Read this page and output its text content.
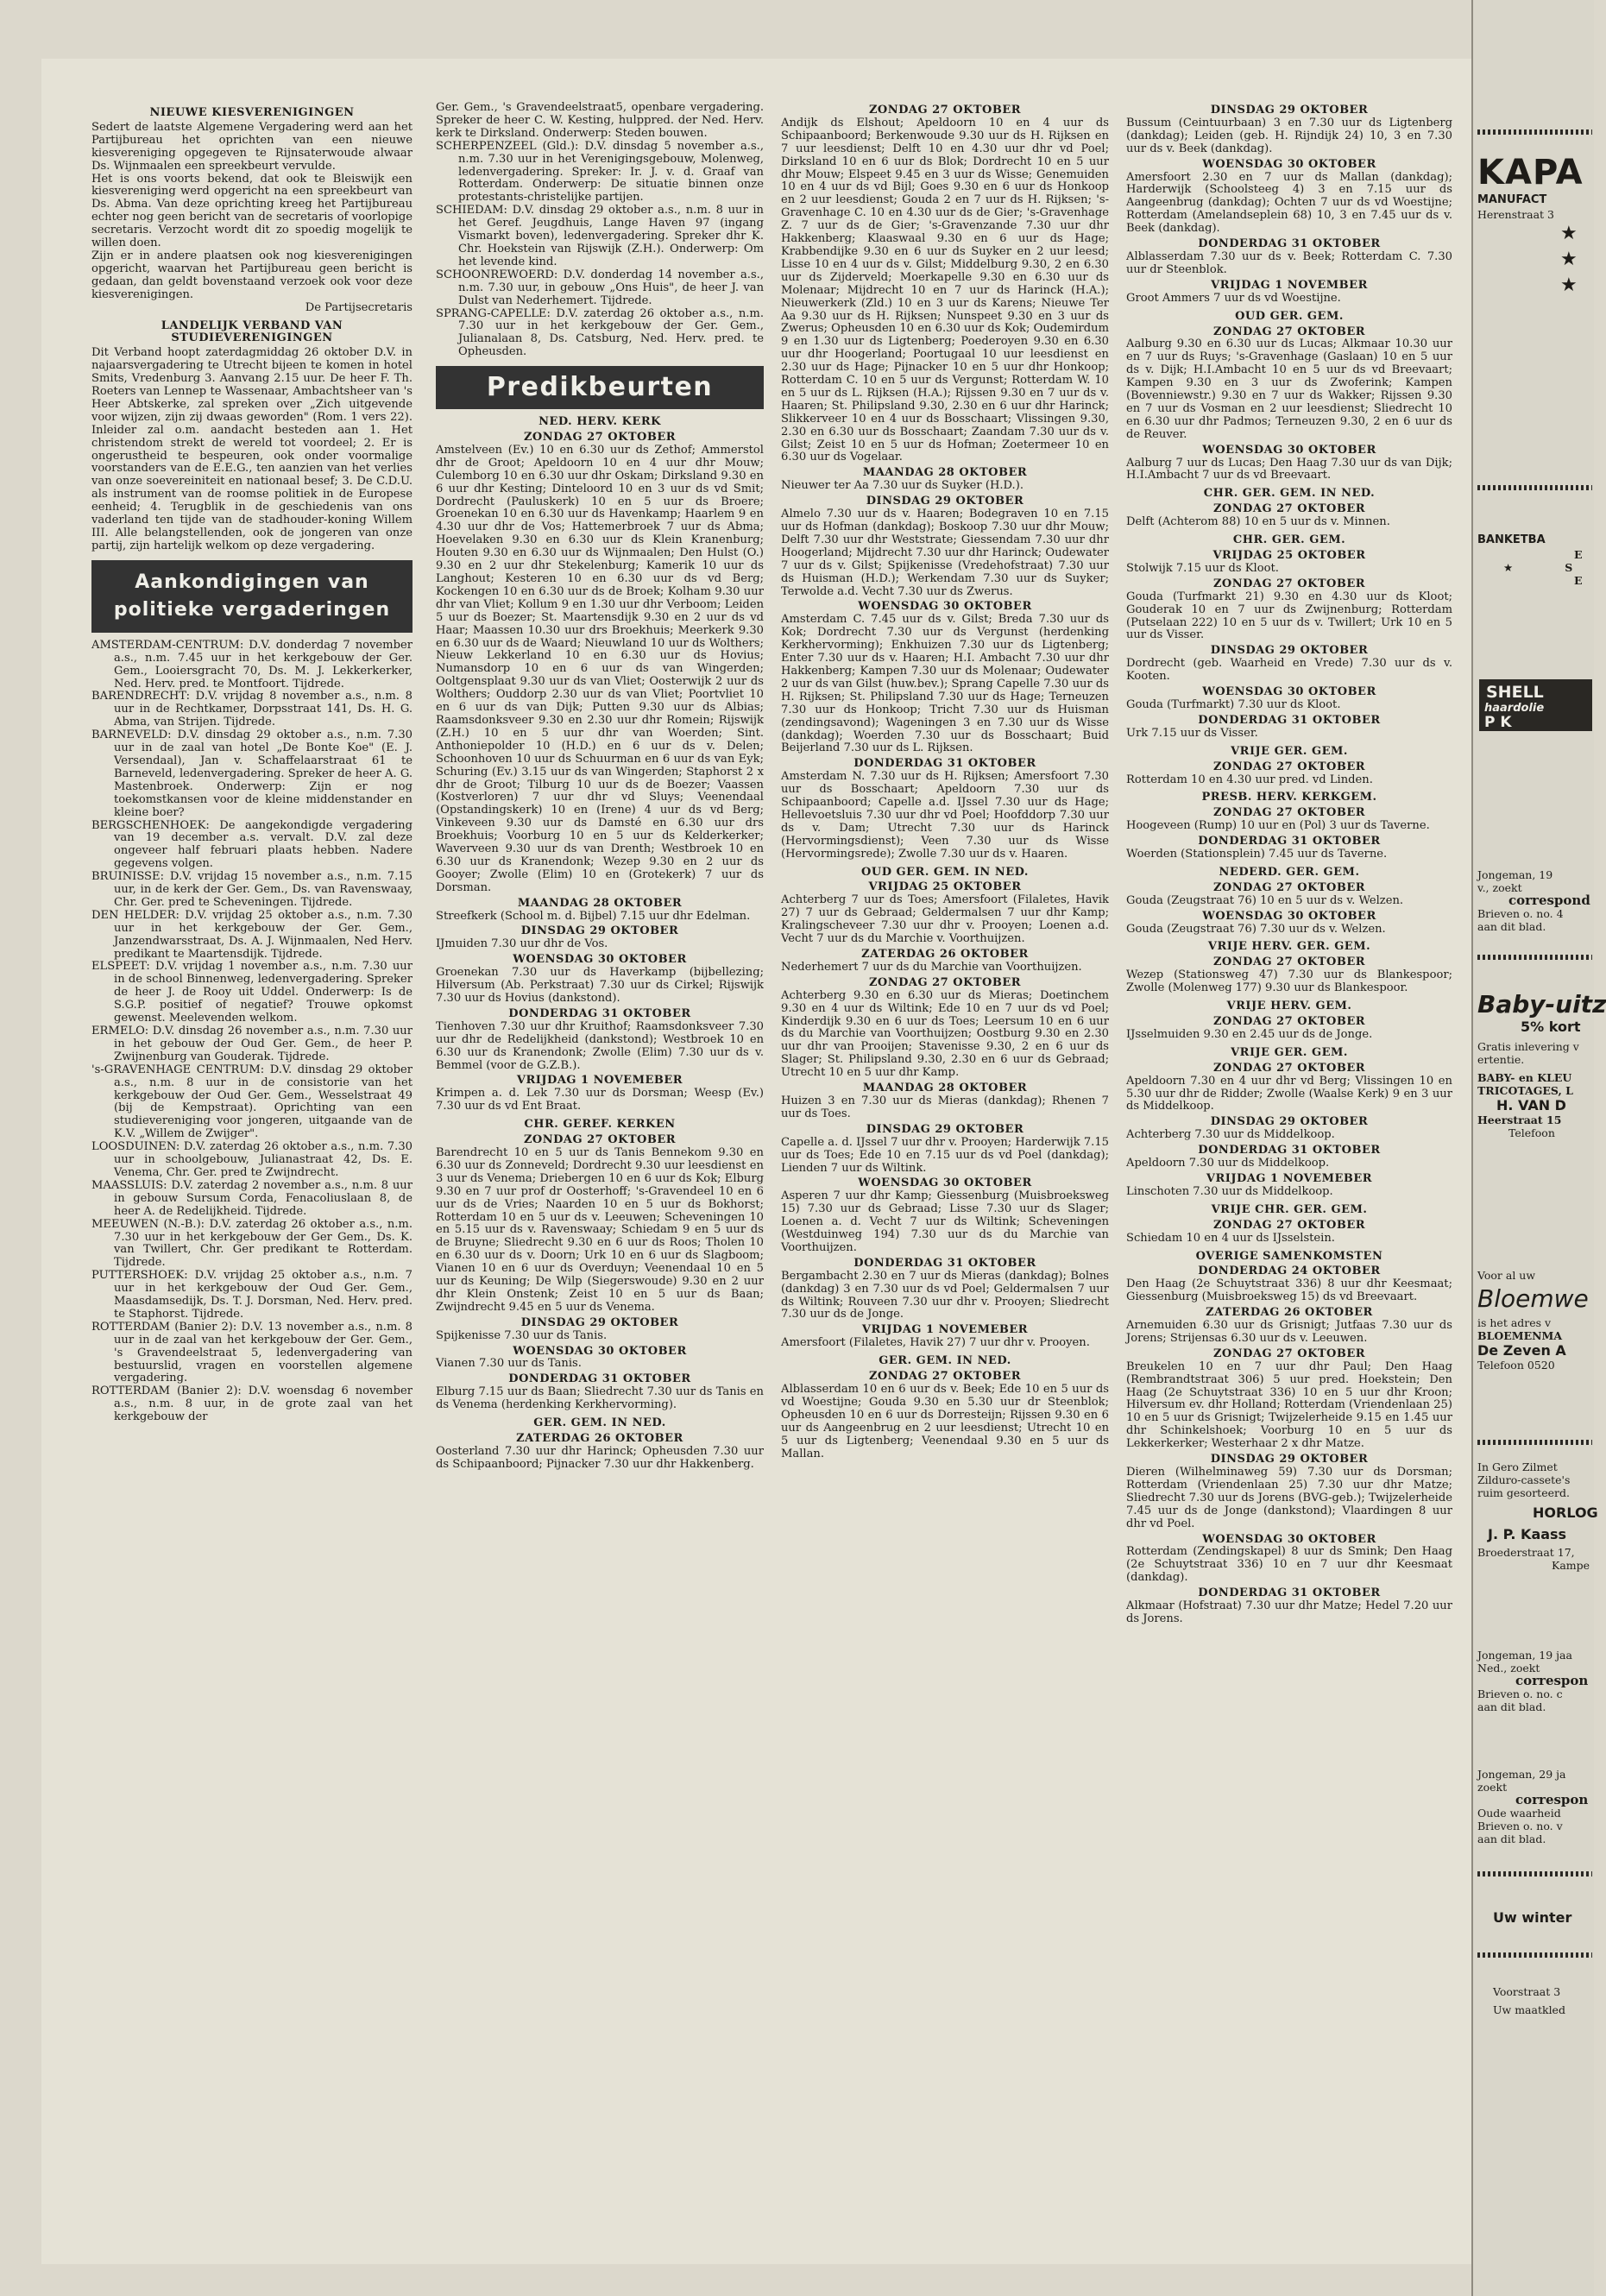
NIEUWE KIESVERENIGINGEN

Sedert de laatste Algemene Vergadering werd aan het Partijbureau het oprichten van een nieuwe kiesvereniging opgegeven te Rijnsaterwoude alwaar Ds. Wijnmaalen een spreekbeurt vervulde.

Het is ons voorts bekend, dat ook te Bleiswijk een kiesvereniging werd opgericht na een spreekbeurt van Ds. Abma. Van deze oprichting kreeg het Partijbureau echter nog geen bericht van de secretaris of voorlopige secretaris. Verzocht wordt dit zo spoedig mogelijk te willen doen.

Zijn er in andere plaatsen ook nog kiesverenigingen opgericht, waarvan het Partijbureau geen bericht is gedaan, dan geldt bovenstaand verzoek ook voor deze kiesverenigingen.

De Partijsecretaris

LANDELIJK VERBAND VAN STUDIEVERENIGINGEN

Dit Verband hoopt zaterdagmiddag 26 oktober D.V. in najaarsvergadering te Utrecht bijeen te komen in hotel Smits, Vredenburg 3. Aanvang 2.15 uur. De heer F. Th. Roeters van Lennep te Wassenaar, Ambachtsheer van 's Heer Abtskerke, zal spreken over „Zich uitgevende voor wijzen, zijn zij dwaas geworden" (Rom. 1 vers 22). Inleider zal o.m. aandacht besteden aan 1. Het christendom strekt de wereld tot voordeel; 2. Er is ongerustheid te bespeuren, ook onder voormalige voorstanders van de E.E.G., ten aanzien van het verlies van onze soevereiniteit en nationaal besef; 3. De C.D.U. als instrument van de roomse politiek in de Europese eenheid; 4. Terugblik in de geschiedenis van ons vaderland ten tijde van de stadhouder-koning Willem III. Alle belangstellenden, ook de jongeren van onze partij, zijn hartelijk welkom op deze vergadering.

Aankondigingen van politieke vergaderingen

AMSTERDAM-CENTRUM: D.V. donderdag 7 november a.s., n.m. 7.45 uur in het kerkgebouw der Ger. Gem., Looiersgracht 70, Ds. M. J. Lekkerkerker, Ned. Herv. pred. te Montfoort. Tijdrede.

BARENDRECHT: D.V. vrijdag 8 november a.s., n.m. 8 uur in de Rechtkamer, Dorpsstraat 141, Ds. H. G. Abma, van Strijen. Tijdrede.

BARNEVELD: D.V. dinsdag 29 oktober a.s., n.m. 7.30 uur in de zaal van hotel „De Bonte Koe" (E. J. Versendaal), Jan v. Schaffelaarstraat 61 te Barneveld, ledenvergadering. Spreker de heer A. G. Mastenbroek. Onderwerp: Zijn er nog toekomstkansen voor de kleine middenstander en kleine boer?

BERGSCHENHOEK: De aangekondigde vergadering van 19 december a.s. vervalt. D.V. zal deze ongeveer half februari plaats hebben. Nadere gegevens volgen.

BRUINISSE: D.V. vrijdag 15 november a.s., n.m. 7.15 uur, in de kerk der Ger. Gem., Ds. van Ravenswaay, Chr. Ger. pred te Scheveningen. Tijdrede.

DEN HELDER: D.V. vrijdag 25 oktober a.s., n.m. 7.30 uur in het kerkgebouw der Ger. Gem., Janzendwarsstraat, Ds. A. J. Wijnmaalen, Ned Herv. predikant te Maartensdijk. Tijdrede.

ELSPEET: D.V. vrijdag 1 november a.s., n.m. 7.30 uur in de school Binnenweg, ledenvergadering. Spreker de heer J. de Rooy uit Uddel. Onderwerp: Is de S.G.P. positief of negatief? Trouwe opkomst gewenst. Meelevenden welkom.

ERMELO: D.V. dinsdag 26 november a.s., n.m. 7.30 uur in het gebouw der Oud Ger. Gem., de heer P. Zwijnenburg van Gouderak. Tijdrede.

's-GRAVENHAGE CENTRUM: D.V. dinsdag 29 oktober a.s., n.m. 8 uur in de consistorie van het kerkgebouw der Oud Ger. Gem., Wesselstraat 49 (bij de Kempstraat). Oprichting van een studievereniging voor jongeren, uitgaande van de K.V. „Willem de Zwijger".

LOOSDUINEN: D.V. zaterdag 26 oktober a.s., n.m. 7.30 uur in schoolgebouw, Julianastraat 42, Ds. E. Venema, Chr. Ger. pred te Zwijndrecht.

MAASSLUIS: D.V. zaterdag 2 november a.s., n.m. 8 uur in gebouw Sursum Corda, Fenacoliuslaan 8, de heer A. de Redelijkheid. Tijdrede.

MEEUWEN (N.-B.): D.V. zaterdag 26 oktober a.s., n.m. 7.30 uur in het kerkgebouw der Ger Gem., Ds. K. van Twillert, Chr. Ger predikant te Rotterdam. Tijdrede.

PUTTERSHOEK: D.V. vrijdag 25 oktober a.s., n.m. 7 uur in het kerkgebouw der Oud Ger. Gem., Maasdamsedijk, Ds. T. J. Dorsman, Ned. Herv. pred. te Staphorst. Tijdrede.

ROTTERDAM (Banier 2): D.V. 13 november a.s., n.m. 8 uur in de zaal van het kerkgebouw der Ger. Gem., 's Gravendeelstraat 5, ledenvergadering van bestuurslid, vragen en voorstellen algemene vergadering.

ROTTERDAM (Banier 2): D.V. woensdag 6 november a.s., n.m. 8 uur, in de grote zaal van het kerkgebouw der

Ger. Gem., 's Gravendeelstraat5, openbare vergadering. Spreker de heer C. W. Kesting, hulppred. der Ned. Herv. kerk te Dirksland. Onderwerp: Steden bouwen.

SCHERPENZEEL (Gld.): D.V. dinsdag 5 november a.s., n.m. 7.30 uur in het Verenigingsgebouw, Molenweg, ledenvergadering. Spreker: Ir. J. v. d. Graaf van Rotterdam. Onderwerp: De situatie binnen onze protestants-christelijke partijen.

SCHIEDAM: D.V. dinsdag 29 oktober a.s., n.m. 8 uur in het Geref. Jeugdhuis, Lange Haven 97 (ingang Vismarkt boven), ledenvergadering. Spreker dhr K. Chr. Hoekstein van Rijswijk (Z.H.). Onderwerp: Om het levende kind.

SCHOONREWOERD: D.V. donderdag 14 november a.s., n.m. 7.30 uur, in gebouw „Ons Huis", de heer J. van Dulst van Nederhemert. Tijdrede.

SPRANG-CAPELLE: D.V. zaterdag 26 oktober a.s., n.m. 7.30 uur in het kerkgebouw der Ger. Gem., Julianalaan 8, Ds. Catsburg, Ned. Herv. pred. te Opheusden.

Predikbeurten
NED. HERV. KERK
ZONDAG 27 OKTOBER

Amstelveen (Ev.) 10 en 6.30 uur ds Zethof; Ammerstol dhr de Groot; Apeldoorn 10 en 4 uur dhr Mouw; Culemborg 10 en 6.30 uur dhr Oskam; Dirksland 9.30 en 6 uur dhr Kesting; Dinteloord 10 en 3 uur ds vd Smit; Dordrecht (Pauluskerk) 10 en 5 uur ds Broere; Groenekan 10 en 6.30 uur ds Havenkamp; Haarlem 9 en 4.30 uur dhr de Vos; Hattemerbroek 7 uur ds Abma; Hoevelaken 9.30 en 6.30 uur ds Klein Kranenburg; Houten 9.30 en 6.30 uur ds Wijnmaalen; Den Hulst (O.) 9.30 en 2 uur dhr Stekelenburg; Kamerik 10 uur ds Langhout; Kesteren 10 en 6.30 uur ds vd Berg; Kockengen 10 en 6.30 uur ds de Broek; Kolham 9.30 uur dhr van Vliet; Kollum 9 en 1.30 uur dhr Verboom; Leiden 5 uur ds Boezer; St. Maartensdijk 9.30 en 2 uur ds vd Haar; Maassen 10.30 uur drs Broekhuis; Meerkerk 9.30 en 6.30 uur ds de Waard; Nieuwland 10 uur ds Wolthers; Nieuw Lekkerland 10 en 6.30 uur ds Hovius; Numansdorp 10 en 6 uur ds van Wingerden; Ooltgensplaat 9.30 uur ds van Vliet; Oosterwijk 2 uur ds Wolthers; Ouddorp 2.30 uur ds van Vliet; Poortvliet 10 en 6 uur ds van Dijk; Putten 9.30 uur ds Albias; Raamsdonksveer 9.30 en 2.30 uur dhr Romein; Rijswijk (Z.H.) 10 en 5 uur dhr van Woerden; Sint. Anthoniepolder 10 (H.D.) en 6 uur ds v. Delen; Schoonhoven 10 uur ds Schuurman en 6 uur ds van Eyk; Schuring (Ev.) 3.15 uur ds van Wingerden; Staphorst 2 x dhr de Groot; Tilburg 10 uur ds de Boezer; Vaassen (Kostverloren) 7 uur dhr vd Sluys; Veenendaal (Opstandingskerk) 10 en (Irene) 4 uur ds vd Berg; Vinkeveen 9.30 uur ds Damsté en 6.30 uur drs Broekhuis; Voorburg 10 en 5 uur ds Kelderkerker; Waverveen 9.30 uur ds van Drenth; Westbroek 10 en 6.30 uur ds Kranendonk; Wezep 9.30 en 2 uur ds Gooyer; Zwolle (Elim) 10 en (Grotekerk) 7 uur ds Dorsman.

MAANDAG 28 OKTOBER

Streefkerk (School m. d. Bijbel) 7.15 uur dhr Edelman.

DINSDAG 29 OKTOBER

IJmuiden 7.30 uur dhr de Vos.

WOENSDAG 30 OKTOBER

Groenekan 7.30 uur ds Haverkamp (bijbellezing; Hilversum (Ab. Perkstraat) 7.30 uur ds Cirkel; Rijswijk 7.30 uur ds Hovius (dankstond).

DONDERDAG 31 OKTOBER

Tienhoven 7.30 uur dhr Kruithof; Raamsdonksveer 7.30 uur dhr de Redelijkheid (dankstond); Westbroek 10 en 6.30 uur ds Kranendonk; Zwolle (Elim) 7.30 uur ds v. Bemmel (voor de G.Z.B.).

VRIJDAG 1 NOVEMEBER

Krimpen a. d. Lek 7.30 uur ds Dorsman; Weesp (Ev.) 7.30 uur ds vd Ent Braat.

CHR. GEREF. KERKEN
ZONDAG 27 OKTOBER

Barendrecht 10 en 5 uur ds Tanis Bennekom 9.30 en 6.30 uur ds Zonneveld; Dordrecht 9.30 uur leesdienst en 3 uur ds Venema; Driebergen 10 en 6 uur ds Kok; Elburg 9.30 en 7 uur prof dr Oosterhoff; 's-Gravendeel 10 en 6 uur ds de Vries; Naarden 10 en 5 uur ds Bokhorst; Rotterdam 10 en 5 uur ds v. Leeuwen; Scheveningen 10 en 5.15 uur ds v. Ravenswaay; Schiedam 9 en 5 uur ds de Bruyne; Sliedrecht 9.30 en 6 uur ds Roos; Tholen 10 en 6.30 uur ds v. Doorn; Urk 10 en 6 uur ds Slagboom; Vianen 10 en 6 uur ds Overduyn; Veenendaal 10 en 5 uur ds Keuning; De Wilp (Siegerswoude) 9.30 en 2 uur dhr Klein Onstenk; Zeist 10 en 5 uur ds Baan; Zwijndrecht 9.45 en 5 uur ds Venema.

DINSDAG 29 OKTOBER

Spijkenisse 7.30 uur ds Tanis.

WOENSDAG 30 OKTOBER

Vianen 7.30 uur ds Tanis.

DONDERDAG 31 OKTOBER

Elburg 7.15 uur ds Baan; Sliedrecht 7.30 uur ds Tanis en ds Venema (herdenking Kerkhervorming).

GER. GEM. IN NED.
ZATERDAG 26 OKTOBER

Oosterland 7.30 uur dhr Harinck; Opheusden 7.30 uur ds Schipaanboord; Pijnacker 7.30 uur dhr Hakkenberg.

ZONDAG 27 OKTOBER

Andijk ds Elshout; Apeldoorn 10 en 4 uur ds Schipaanboord; Berkenwoude 9.30 uur ds H. Rijksen en 7 uur leesdienst; Delft 10 en 4.30 uur dhr vd Poel; Dirksland 10 en 6 uur ds Blok; Dordrecht 10 en 5 uur dhr Mouw; Elspeet 9.45 en 3 uur ds Wisse; Genemuiden 10 en 4 uur ds vd Bijl; Goes 9.30 en 6 uur ds Honkoop en 2 uur leesdienst; Gouda 2 en 7 uur ds H. Rijksen; 's-Gravenhage C. 10 en 4.30 uur ds de Gier; 's-Gravenhage Z. 7 uur ds de Gier; 's-Gravenzande 7.30 uur dhr Hakkenberg; Klaaswaal 9.30 en 6 uur ds Hage; Krabbendijke 9.30 en 6 uur ds Suyker en 2 uur leesd; Lisse 10 en 4 uur ds v. Gilst; Middelburg 9.30, 2 en 6.30 uur ds Zijderveld; Moerkapelle 9.30 en 6.30 uur ds Molenaar; Mijdrecht 10 en 7 uur ds Harinck (H.A.); Nieuwerkerk (Zld.) 10 en 3 uur ds Karens; Nieuwe Ter Aa 9.30 uur ds H. Rijksen; Nunspeet 9.30 en 3 uur ds Zwerus; Opheusden 10 en 6.30 uur ds Kok; Oudemirdum 9 en 1.30 uur ds Ligtenberg; Poederoyen 9.30 en 6.30 uur dhr Hoogerland; Poortugaal 10 uur leesdienst en 2.30 uur ds Hage; Pijnacker 10 en 5 uur dhr Honkoop; Rotterdam C. 10 en 5 uur ds Vergunst; Rotterdam W. 10 en 5 uur ds L. Rijksen (H.A.); Rijssen 9.30 en 7 uur ds v. Haaren; St. Philipsland 9.30, 2.30 en 6 uur dhr Harinck; Slikkerveer 10 en 4 uur ds Bosschaart; Vlissingen 9.30, 2.30 en 6.30 uur ds Bosschaart; Zaandam 7.30 uur ds v. Gilst; Zeist 10 en 5 uur ds Hofman; Zoetermeer 10 en 6.30 uur ds Vogelaar.

MAANDAG 28 OKTOBER

Nieuwer ter Aa 7.30 uur ds Suyker (H.D.).

DINSDAG 29 OKTOBER

Almelo 7.30 uur ds v. Haaren; Bodegraven 10 en 7.15 uur ds Hofman (dankdag); Boskoop 7.30 uur dhr Mouw; Delft 7.30 uur dhr Weststrate; Giessendam 7.30 uur dhr Hoogerland; Mijdrecht 7.30 uur dhr Harinck; Oudewater 7 uur ds v. Gilst; Spijkenisse (Vredehofstraat) 7.30 uur ds Huisman (H.D.); Werkendam 7.30 uur ds Suyker; Terwolde a.d. Vecht 7.30 uur ds Zwerus.

WOENSDAG 30 OKTOBER

Amsterdam C. 7.45 uur ds v. Gilst; Breda 7.30 uur ds Kok; Dordrecht 7.30 uur ds Vergunst (herdenking Kerkhervorming); Enkhuizen 7.30 uur ds Ligtenberg; Enter 7.30 uur ds v. Haaren; H.I. Ambacht 7.30 uur dhr Hakkenberg; Kampen 7.30 uur ds Molenaar; Oudewater 2 uur ds van Gilst (huw.bev.); Sprang Capelle 7.30 uur ds H. Rijksen; St. Philipsland 7.30 uur ds Hage; Terneuzen 7.30 uur ds Honkoop; Tricht 7.30 uur ds Huisman (zendingsavond); Wageningen 3 en 7.30 uur ds Wisse (dankdag); Woerden 7.30 uur ds Bosschaart; Buid Beijerland 7.30 uur ds L. Rijksen.

DONDERDAG 31 OKTOBER

Amsterdam N. 7.30 uur ds H. Rijksen; Amersfoort 7.30 uur ds Bosschaart; Apeldoorn 7.30 uur ds Schipaanboord; Capelle a.d. IJssel 7.30 uur ds Hage; Hellevoetsluis 7.30 uur dhr vd Poel; Hoofddorp 7.30 uur ds v. Dam; Utrecht 7.30 uur ds Harinck (Hervormingsdienst); Veen 7.30 uur ds Wisse (Hervormingsrede); Zwolle 7.30 uur ds v. Haaren.

OUD GER. GEM. IN NED.
VRIJDAG 25 OKTOBER

Achterberg 7 uur ds Toes; Amersfoort (Filaletes, Havik 27) 7 uur ds Gebraad; Geldermalsen 7 uur dhr Kamp; Kralingscheveer 7.30 uur dhr v. Prooyen; Loenen a.d. Vecht 7 uur ds du Marchie v. Voorthuijzen.

ZATERDAG 26 OKTOBER

Nederhemert 7 uur ds du Marchie van Voorthuijzen.

ZONDAG 27 OKTOBER

Achterberg 9.30 en 6.30 uur ds Mieras; Doetinchem 9.30 en 4 uur ds Wiltink; Ede 10 en 7 uur ds vd Poel; Kinderdijk 9.30 en 6 uur ds Toes; Leersum 10 en 6 uur ds du Marchie van Voorthuijzen; Oostburg 9.30 en 2.30 uur dhr van Prooijen; Stavenisse 9.30, 2 en 6 uur ds Slager; St. Philipsland 9.30, 2.30 en 6 uur ds Gebraad; Utrecht 10 en 5 uur dhr Kamp.

MAANDAG 28 OKTOBER

Huizen 3 en 7.30 uur ds Mieras (dankdag); Rhenen 7 uur ds Toes.

DINSDAG 29 OKTOBER

Capelle a. d. IJssel 7 uur dhr v. Prooyen; Harderwijk 7.15 uur ds Toes; Ede 10 en 7.15 uur ds vd Poel (dankdag); Lienden 7 uur ds Wiltink.

WOENSDAG 30 OKTOBER

Asperen 7 uur dhr Kamp; Giessenburg (Muisbroeksweg 15) 7.30 uur ds Gebraad; Lisse 7.30 uur ds Slager; Loenen a. d. Vecht 7 uur ds Wiltink; Scheveningen (Westduinweg 194) 7.30 uur ds du Marchie van Voorthuijzen.

DONDERDAG 31 OKTOBER

Bergambacht 2.30 en 7 uur ds Mieras (dankdag); Bolnes (dankdag) 3 en 7.30 uur ds vd Poel; Geldermalsen 7 uur ds Wiltink; Rouveen 7.30 uur dhr v. Prooyen; Sliedrecht 7.30 uur ds de Jonge.

VRIJDAG 1 NOVEMEBER

Amersfoort (Filaletes, Havik 27) 7 uur dhr v. Prooyen.

GER. GEM. IN NED.
ZONDAG 27 OKTOBER

Alblasserdam 10 en 6 uur ds v. Beek; Ede 10 en 5 uur ds vd Woestijne; Gouda 9.30 en 5.30 uur dr Steenblok; Opheusden 10 en 6 uur ds Dorresteijn; Rijssen 9.30 en 6 uur ds Aangeenbrug en 2 uur leesdienst; Utrecht 10 en 5 uur ds Ligtenberg; Veenendaal 9.30 en 5 uur ds Mallan.

DINSDAG 29 OKTOBER

Bussum (Ceintuurbaan) 3 en 7.30 uur ds Ligtenberg (dankdag); Leiden (geb. H. Rijndijk 24) 10, 3 en 7.30 uur ds v. Beek (dankdag).

WOENSDAG 30 OKTOBER

Amersfoort 2.30 en 7 uur ds Mallan (dankdag); Harderwijk (Schoolsteeg 4) 3 en 7.15 uur ds Aangeenbrug (dankdag); Ochten 7 uur ds vd Woestijne; Rotterdam (Amelandseplein 68) 10, 3 en 7.45 uur ds v. Beek (dankdag).

DONDERDAG 31 OKTOBER

Alblasserdam 7.30 uur ds v. Beek; Rotterdam C. 7.30 uur dr Steenblok.

VRIJDAG 1 NOVEMBER

Groot Ammers 7 uur ds vd Woestijne.

OUD GER. GEM.
ZONDAG 27 OKTOBER

Aalburg 9.30 en 6.30 uur ds Lucas; Alkmaar 10.30 uur en 7 uur ds Ruys; 's-Gravenhage (Gaslaan) 10 en 5 uur ds v. Dijk; H.I.Ambacht 10 en 5 uur ds vd Breevaart; Kampen 9.30 en 3 uur ds Zwoferink; Kampen (Bovenniewstr.) 9.30 en 7 uur ds Wakker; Rijssen 9.30 en 7 uur ds Vosman en 2 uur leesdienst; Sliedrecht 10 en 6.30 uur dhr Padmos; Terneuzen 9.30, 2 en 6 uur ds de Reuver.

WOENSDAG 30 OKTOBER

Aalburg 7 uur ds Lucas; Den Haag 7.30 uur ds van Dijk; H.I.Ambacht 7 uur ds vd Breevaart.

CHR. GER. GEM. IN NED.
ZONDAG 27 OKTOBER

Delft (Achterom 88) 10 en 5 uur ds v. Minnen.

CHR. GER. GEM.
VRIJDAG 25 OKTOBER

Stolwijk 7.15 uur ds Kloot.

ZONDAG 27 OKTOBER

Gouda (Turfmarkt 21) 9.30 en 4.30 uur ds Kloot; Gouderak 10 en 7 uur ds Zwijnenburg; Rotterdam (Putselaan 222) 10 en 5 uur ds v. Twillert; Urk 10 en 5 uur ds Visser.

DINSDAG 29 OKTOBER

Dordrecht (geb. Waarheid en Vrede) 7.30 uur ds v. Kooten.

WOENSDAG 30 OKTOBER

Gouda (Turfmarkt) 7.30 uur ds Kloot.

DONDERDAG 31 OKTOBER

Urk 7.15 uur ds Visser.

VRIJE GER. GEM.
ZONDAG 27 OKTOBER

Rotterdam 10 en 4.30 uur pred. vd Linden.

PRESB. HERV. KERKGEM.
ZONDAG 27 OKTOBER

Hoogeveen (Rump) 10 uur en (Pol) 3 uur ds Taverne.

DONDERDAG 31 OKTOBER

Woerden (Stationsplein) 7.45 uur ds Taverne.

NEDERD. GER. GEM.
ZONDAG 27 OKTOBER

Gouda (Zeugstraat 76) 10 en 5 uur ds v. Welzen.

WOENSDAG 30 OKTOBER

Gouda (Zeugstraat 76) 7.30 uur ds v. Welzen.

VRIJE HERV. GER. GEM.
ZONDAG 27 OKTOBER

Wezep (Stationsweg 47) 7.30 uur ds Blankespoor; Zwolle (Molenweg 177) 9.30 uur ds Blankespoor.

VRIJE HERV. GEM.
ZONDAG 27 OKTOBER

IJsselmuiden 9.30 en 2.45 uur ds de Jonge.

VRIJE GER. GEM.
ZONDAG 27 OKTOBER

Apeldoorn 7.30 en 4 uur dhr vd Berg; Vlissingen 10 en 5.30 uur dhr de Ridder; Zwolle (Waalse Kerk) 9 en 3 uur ds Middelkoop.

DINSDAG 29 OKTOBER

Achterberg 7.30 uur ds Middelkoop.

DONDERDAG 31 OKTOBER

Apeldoorn 7.30 uur ds Middelkoop.

VRIJDAG 1 NOVEMEBER

Linschoten 7.30 uur ds Middelkoop.

VRIJE CHR. GER. GEM.
ZONDAG 27 OKTOBER

Schiedam 10 en 4 uur ds IJsselstein.

OVERIGE SAMENKOMSTEN
DONDERDAG 24 OKTOBER

Den Haag (2e Schuytstraat 336) 8 uur dhr Keesmaat; Giessenburg (Muisbroeksweg 15) ds vd Breevaart.

ZATERDAG 26 OKTOBER

Arnemuiden 6.30 uur ds Grisnigt; Jutfaas 7.30 uur ds Jorens; Strijensas 6.30 uur ds v. Leeuwen.

ZONDAG 27 OKTOBER

Breukelen 10 en 7 uur dhr Paul; Den Haag (Rembrandtstraat 306) 5 uur pred. Hoekstein; Den Haag (2e Schuytstraat 336) 10 en 5 uur dhr Kroon; Hilversum ev. dhr Holland; Rotterdam (Vriendenlaan 25) 10 en 5 uur ds Grisnigt; Twijzelerheide 9.15 en 1.45 uur dhr Schinkelshoek; Voorburg 10 en 5 uur ds Lekkerkerker; Westerhaar 2 x dhr Matze.

DINSDAG 29 OKTOBER

Dieren (Wilhelminaweg 59) 7.30 uur ds Dorsman; Rotterdam (Vriendenlaan 25) 7.30 uur dhr Matze; Sliedrecht 7.30 uur ds Jorens (BVG-geb.); Twijzelerheide 7.45 uur ds de Jonge (dankstond); Vlaardingen 8 uur dhr vd Poel.

WOENSDAG 30 OKTOBER

Rotterdam (Zendingskapel) 8 uur ds Smink; Den Haag (2e Schuytstraat 336) 10 en 7 uur dhr Keesmaat (dankdag).

DONDERDAG 31 OKTOBER

Alkmaar (Hofstraat) 7.30 uur dhr Matze; Hedel 7.20 uur ds Jorens.

KAPA
MANUFACT
Herenstraat 3
★
★
★
BANKETBA
E
★	S
E
SHELL
haardolie
P K
Jongeman, 19
v., zoekt
correspond
Brieven o. no. 4
aan dit blad.
Baby-uitz
5% kort
Gratis inlevering v
ertentie.
BABY- en KLEU
TRICOTAGES, L
H. VAN D
Heerstraat 15
Telefoon
Voor al uw
Bloemwe
is het adres v
BLOEMENMA
De Zeven A
Telefoon 0520
In Gero Zilmet
Zilduro-cassete's
ruim gesorteerd.
HORLOG
J. P. Kaass
Broederstraat 17,
Kampe
Jongeman, 19 jaa
Ned., zoekt
correspon
Brieven o. no. c
aan dit blad.
Jongeman, 29 ja
zoekt
correspon
Oude waarheid
Brieven o. no. v
aan dit blad.
Uw winter
Voorstraat 3
Uw maatkled
